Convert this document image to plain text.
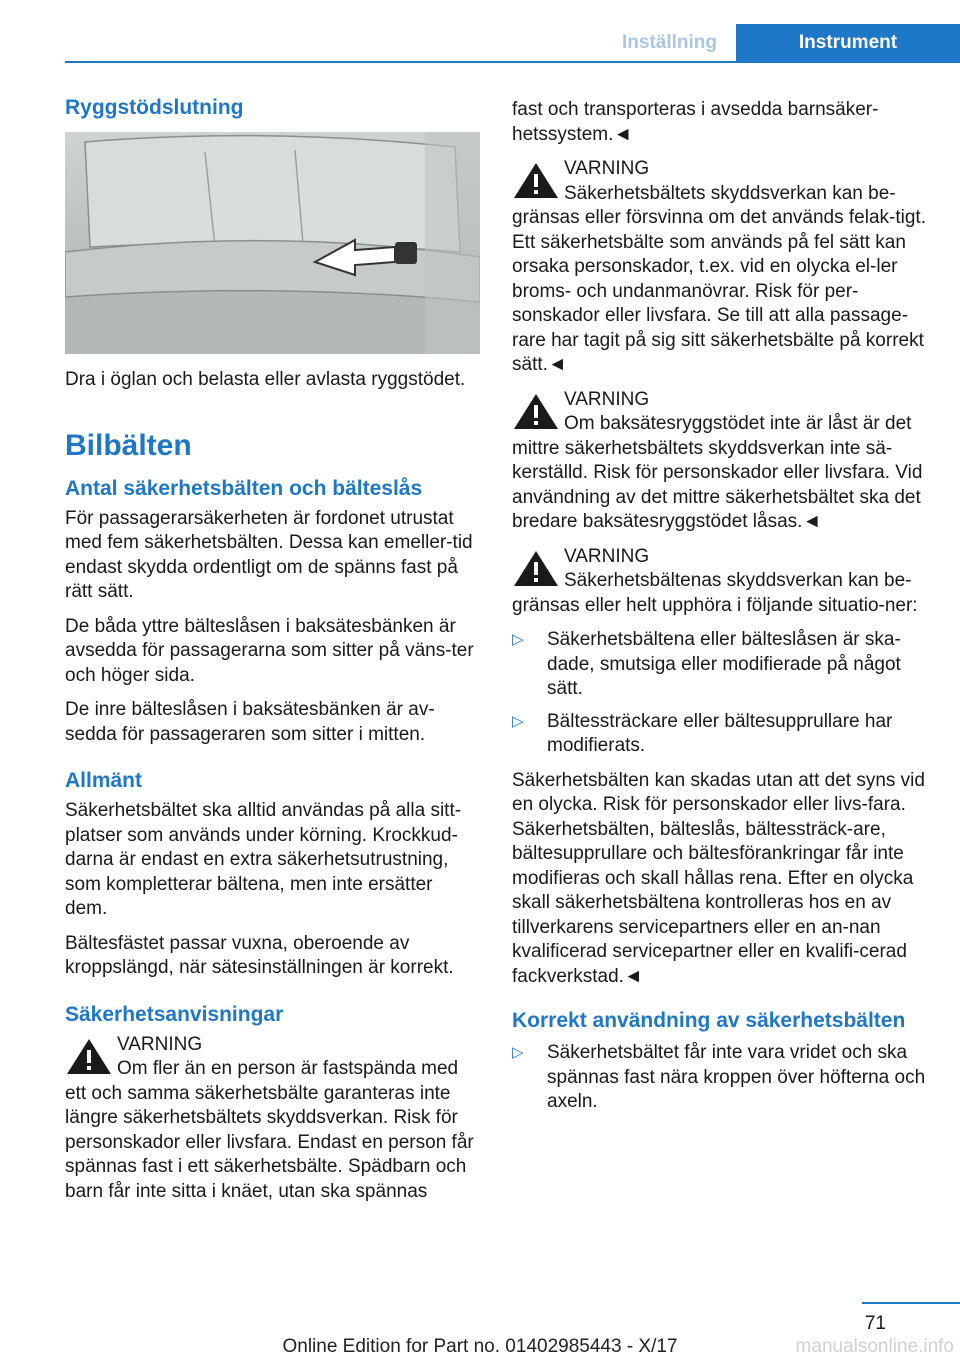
Inställning	Instrument
Ryggstödslutning

Dra i öglan och belasta eller avlasta ryggstödet.

Bilbälten
Antal säkerhetsbälten och bälteslås

För passagerarsäkerheten är fordonet utrustat med fem säkerhetsbälten. Dessa kan emeller‐tid endast skydda ordentligt om de spänns fast på rätt sätt.

De båda yttre bälteslåsen i baksätesbänken är avsedda för passagerarna som sitter på väns‐ter och höger sida.

De inre bälteslåsen i baksätesbänken är av‐sedda för passageraren som sitter i mitten.

Allmänt

Säkerhetsbältet ska alltid användas på alla sitt‐platser som används under körning. Krockkud‐darna är endast en extra säkerhetsutrustning, som kompletterar bältena, men inte ersätter dem.

Bältesfästet passar vuxna, oberoende av kroppslängd, när sätesinställningen är korrekt.

Säkerhetsanvisningar
VARNING
Om fler än en person är fastspända med ett och samma säkerhetsbälte garanteras inte längre säkerhetsbältets skyddsverkan. Risk för personskador eller livsfara. Endast en person får spännas fast i ett säkerhetsbälte. Spädbarn och barn får inte sitta i knäet, utan ska spännas

fast och transporteras i avsedda barnsäker‐hetssystem.◄

VARNING
Säkerhetsbältets skyddsverkan kan be‐gränsas eller försvinna om det används felak‐tigt. Ett säkerhetsbälte som används på fel sätt kan orsaka personskador, t.ex. vid en olycka el‐ler broms- och undanmanövrar. Risk för per‐sonskador eller livsfara. Se till att alla passage‐rare har tagit på sig sitt säkerhetsbälte på korrekt sätt.◄
VARNING
Om baksätesryggstödet inte är låst är det mittre säkerhetsbältets skyddsverkan inte sä‐kerställd. Risk för personskador eller livsfara. Vid användning av det mittre säkerhetsbältet ska det bredare baksätesryggstödet låsas.◄
VARNING
Säkerhetsbältenas skyddsverkan kan be‐gränsas eller helt upphöra i följande situatio‐ner:
▷ Säkerhetsbältena eller bälteslåsen är ska‐dade, smutsiga eller modifierade på något sätt.
▷ Bältessträckare eller bältesupprullare har modifierats.

Säkerhetsbälten kan skadas utan att det syns vid en olycka. Risk för personskador eller livs‐fara. Säkerhetsbälten, bälteslås, bältessträck‐are, bältesupprullare och bältesförankringar får inte modifieras och skall hållas rena. Efter en olycka skall säkerhetsbältena kontrolleras hos en av tillverkarens servicepartners eller en an‐nan kvalificerad servicepartner eller en kvalifi‐cerad fackverkstad.◄

Korrekt användning av säkerhetsbälten
▷ Säkerhetsbältet får inte vara vridet och ska spännas fast nära kroppen över höfterna och axeln.
71
Online Edition for Part no. 01402985443 - X/17	manualsonline.info
